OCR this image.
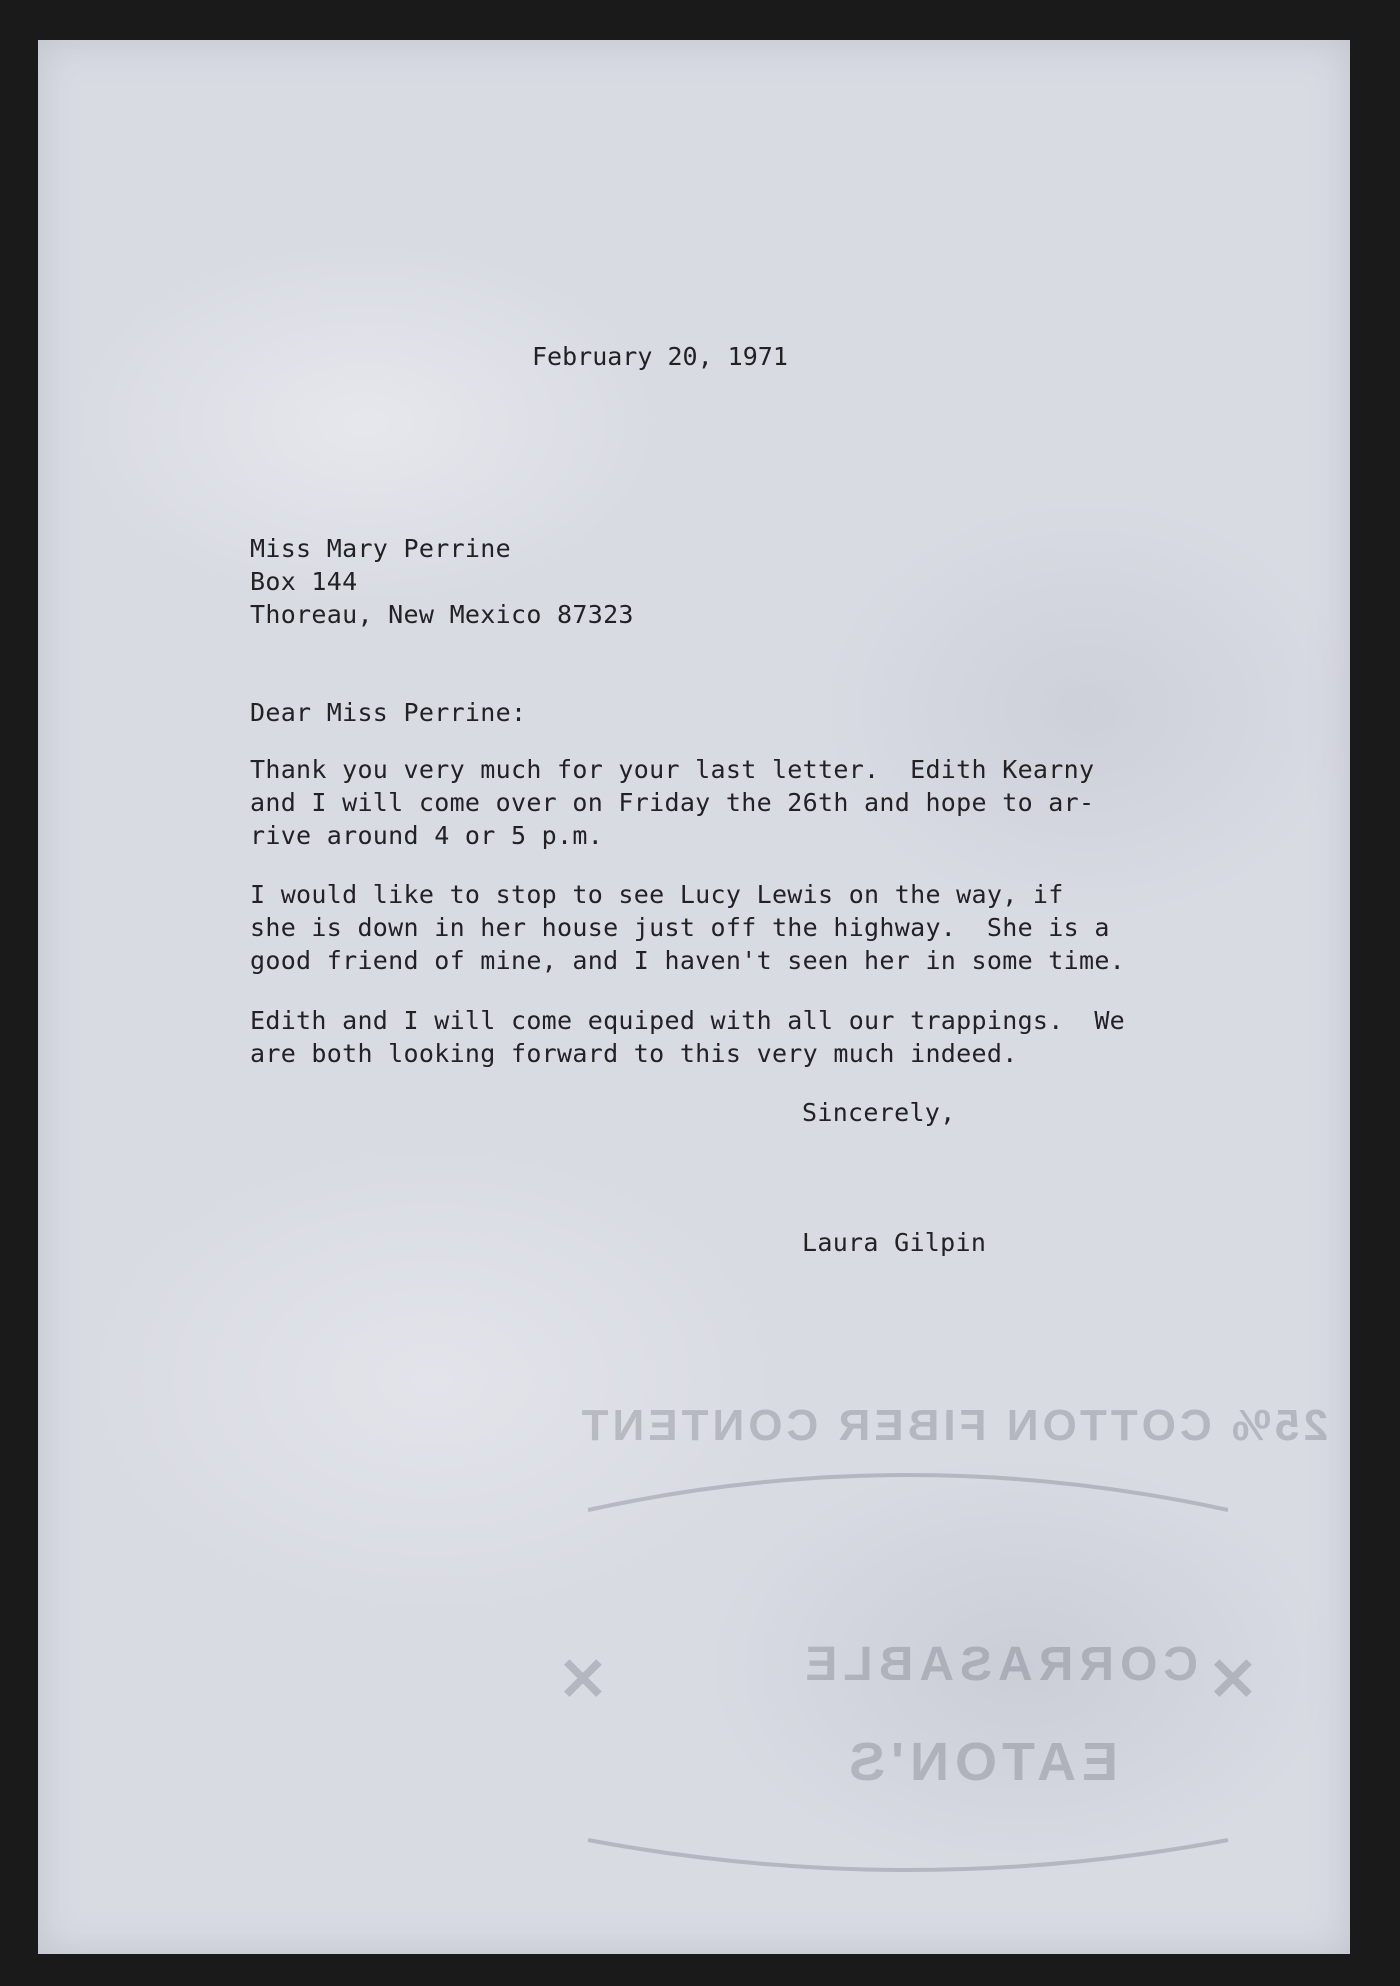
February 20, 1971
Miss Mary Perrine
Box 144
Thoreau, New Mexico 87323
Dear Miss Perrine:
Thank you very much for your last letter.  Edith Kearny
and I will come over on Friday the 26th and hope to ar-
rive around 4 or 5 p.m.
I would like to stop to see Lucy Lewis on the way, if
she is down in her house just off the highway.  She is a
good friend of mine, and I haven't seen her in some time.
Edith and I will come equiped with all our trappings.  We
are both looking forward to this very much indeed.
Sincerely,
Laura Gilpin
25% COTTON FIBER CONTENT
CORRASABLE
EATON'S
✕
✕
